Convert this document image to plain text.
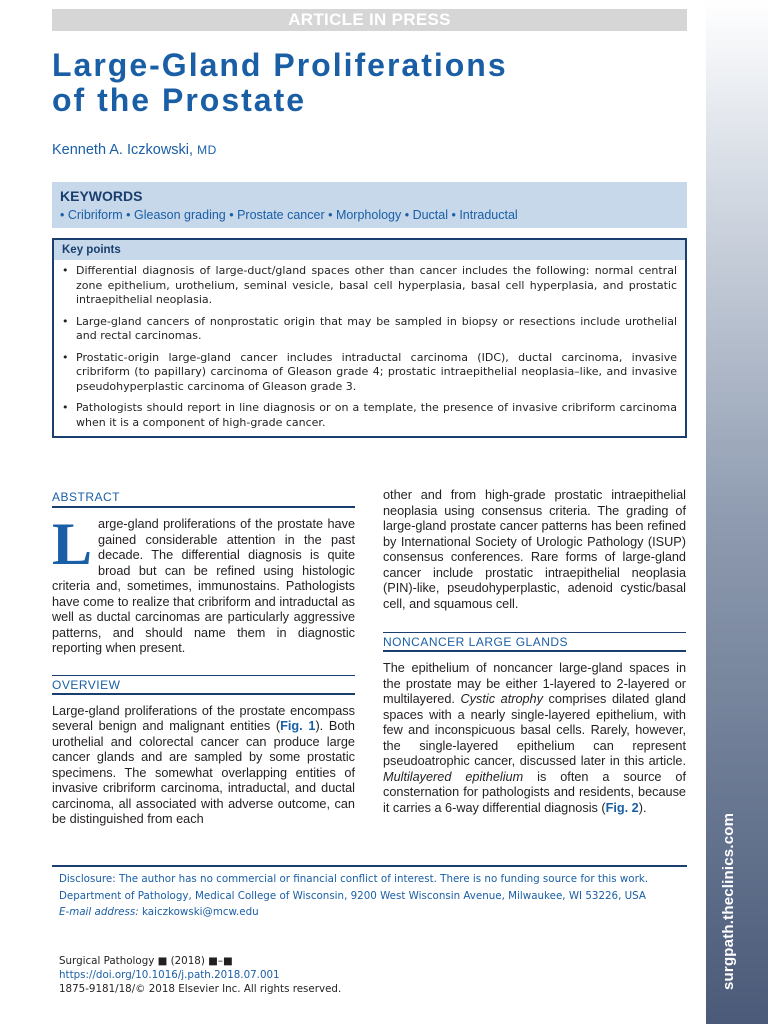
surgpath.theclinics.com
ARTICLE IN PRESS
Large-Gland Proliferations
of the Prostate
Kenneth A. Iczkowski, MD
KEYWORDS
• Cribriform • Gleason grading • Prostate cancer • Morphology • Ductal • Intraductal
Key points
• Differential diagnosis of large-duct/gland spaces other than cancer includes the following: normal central zone epithelium, urothelium, seminal vesicle, basal cell hyperplasia, basal cell hyperplasia, and prostatic intraepithelial neoplasia.
• Large-gland cancers of nonprostatic origin that may be sampled in biopsy or resections include urothelial and rectal carcinomas.
• Prostatic-origin large-gland cancer includes intraductal carcinoma (IDC), ductal carcinoma, invasive cribriform (to papillary) carcinoma of Gleason grade 4; prostatic intraepithelial neoplasia–like, and invasive pseudohyperplastic carcinoma of Gleason grade 3.
• Pathologists should report in line diagnosis or on a template, the presence of invasive cribriform carcinoma when it is a component of high-grade cancer.
ABSTRACT
Large-gland proliferations of the prostate have gained considerable attention in the past decade. The differential diagnosis is quite broad but can be refined using histologic criteria and, sometimes, immunostains. Pathologists have come to realize that cribriform and intraductal as well as ductal carcinomas are particularly aggressive patterns, and should name them in diagnostic reporting when present.
OVERVIEW
Large-gland proliferations of the prostate encompass several benign and malignant entities (Fig. 1). Both urothelial and colorectal cancer can produce large cancer glands and are sampled by some prostatic specimens. The somewhat overlapping entities of invasive cribriform carcinoma, intraductal, and ductal carcinoma, all associated with adverse outcome, can be distinguished from each
other and from high-grade prostatic intraepithelial neoplasia using consensus criteria. The grading of large-gland prostate cancer patterns has been refined by International Society of Urologic Pathology (ISUP) consensus conferences. Rare forms of large-gland cancer include prostatic intraepithelial neoplasia (PIN)-like, pseudohyperplastic, adenoid cystic/basal cell, and squamous cell.
NONCANCER LARGE GLANDS
The epithelium of noncancer large-gland spaces in the prostate may be either 1-layered to 2-layered or multilayered. Cystic atrophy comprises dilated gland spaces with a nearly single-layered epithelium, with few and inconspicuous basal cells. Rarely, however, the single-layered epithelium can represent pseudoatrophic cancer, discussed later in this article. Multilayered epithelium is often a source of consternation for pathologists and residents, because it carries a 6-way differential diagnosis (Fig. 2).

Disclosure: The author has no commercial or financial conflict of interest. There is no funding source for this work.

Department of Pathology, Medical College of Wisconsin, 9200 West Wisconsin Avenue, Milwaukee, WI 53226, USA

E-mail address: kaiczkowski@mcw.edu

Surgical Pathology ■ (2018) ■–■
https://doi.org/10.1016/j.path.2018.07.001
1875-9181/18/© 2018 Elsevier Inc. All rights reserved.
